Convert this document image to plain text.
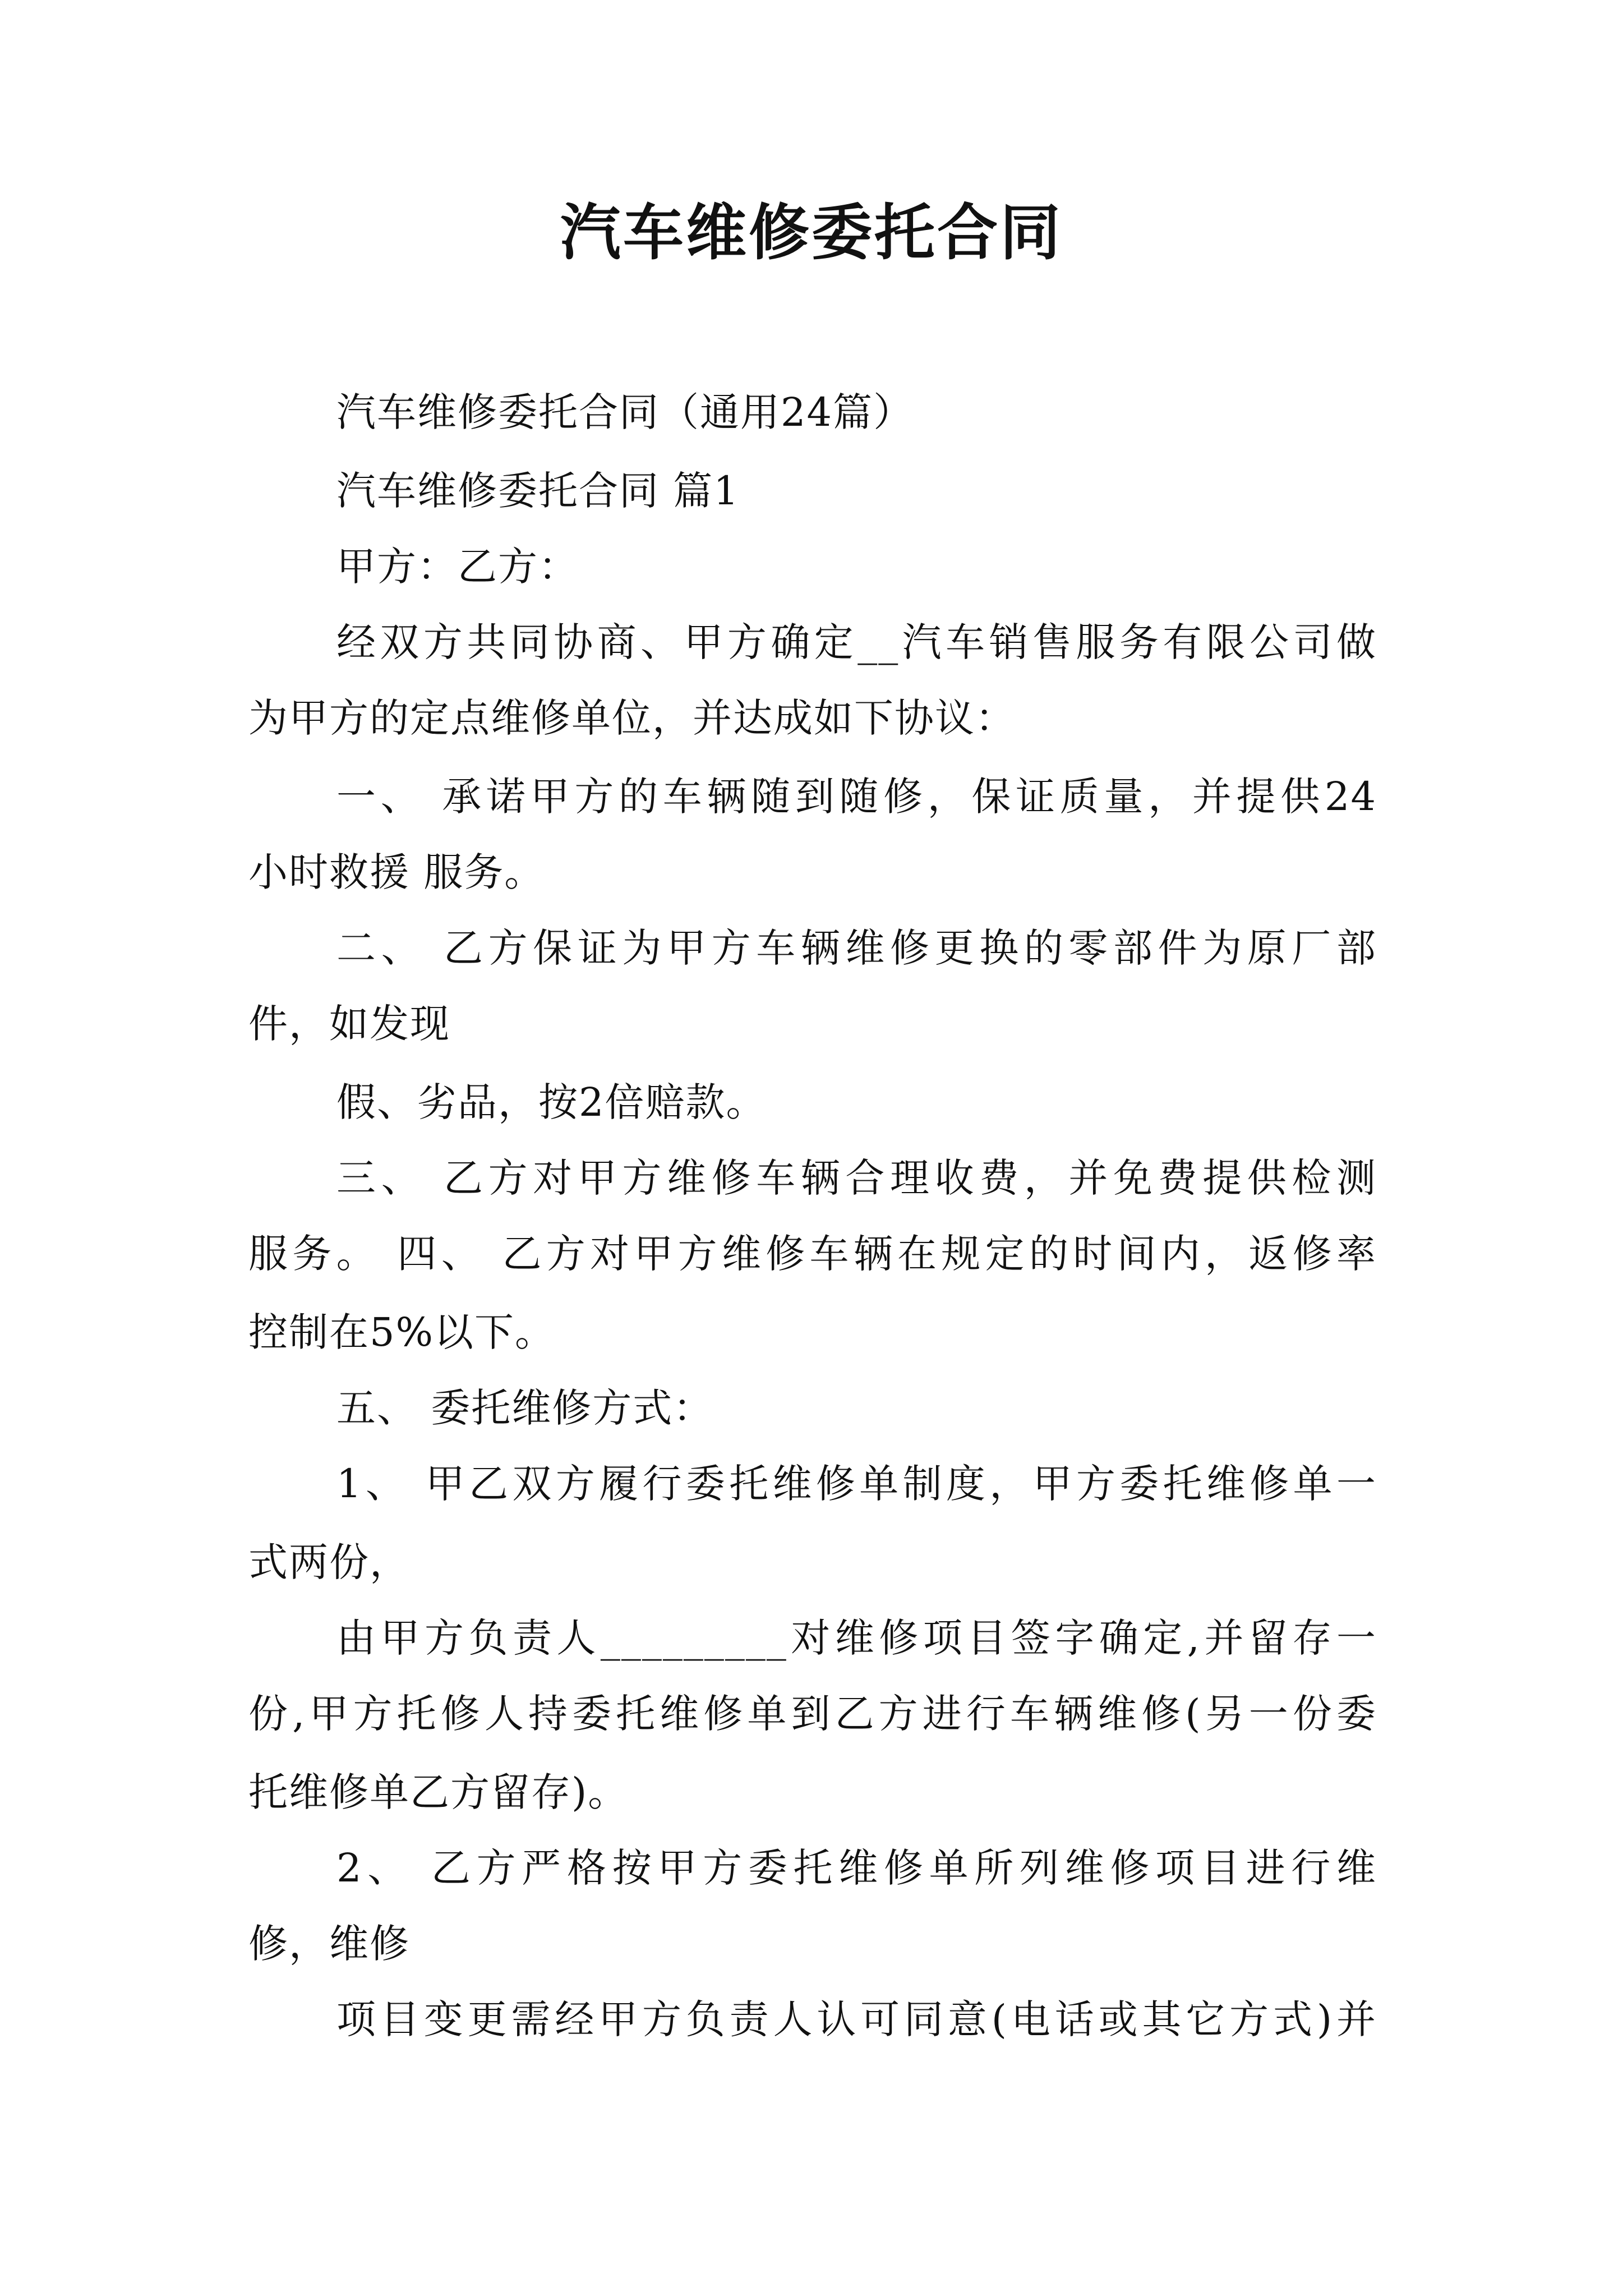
汽车维修委托合同
汽车维修委托合同（通用24篇）
汽车维修委托合同 篇1
甲方：乙方：
经双方共同协商、甲方确定__汽车销售服务有限公司做
为甲方的定点维修单位，并达成如下协议：
一、 承诺甲方的车辆随到随修，保证质量，并提供24
小时救援 服务。
二、 乙方保证为甲方车辆维修更换的零部件为原厂部
件，如发现
假、劣品，按2倍赔款。
三、 乙方对甲方维修车辆合理收费，并免费提供检测
服务。 四、 乙方对甲方维修车辆在规定的时间内，返修率
控制在5%以下。
五、 委托维修方式：
1、 甲乙双方履行委托维修单制度，甲方委托维修单一
式两份，
由甲方负责人_________对维修项目签字确定,并留存一
份,甲方托修人持委托维修单到乙方进行车辆维修(另一份委
托维修单乙方留存)。
2、 乙方严格按甲方委托维修单所列维修项目进行维
修，维修
项目变更需经甲方负责人认可同意(电话或其它方式)并
